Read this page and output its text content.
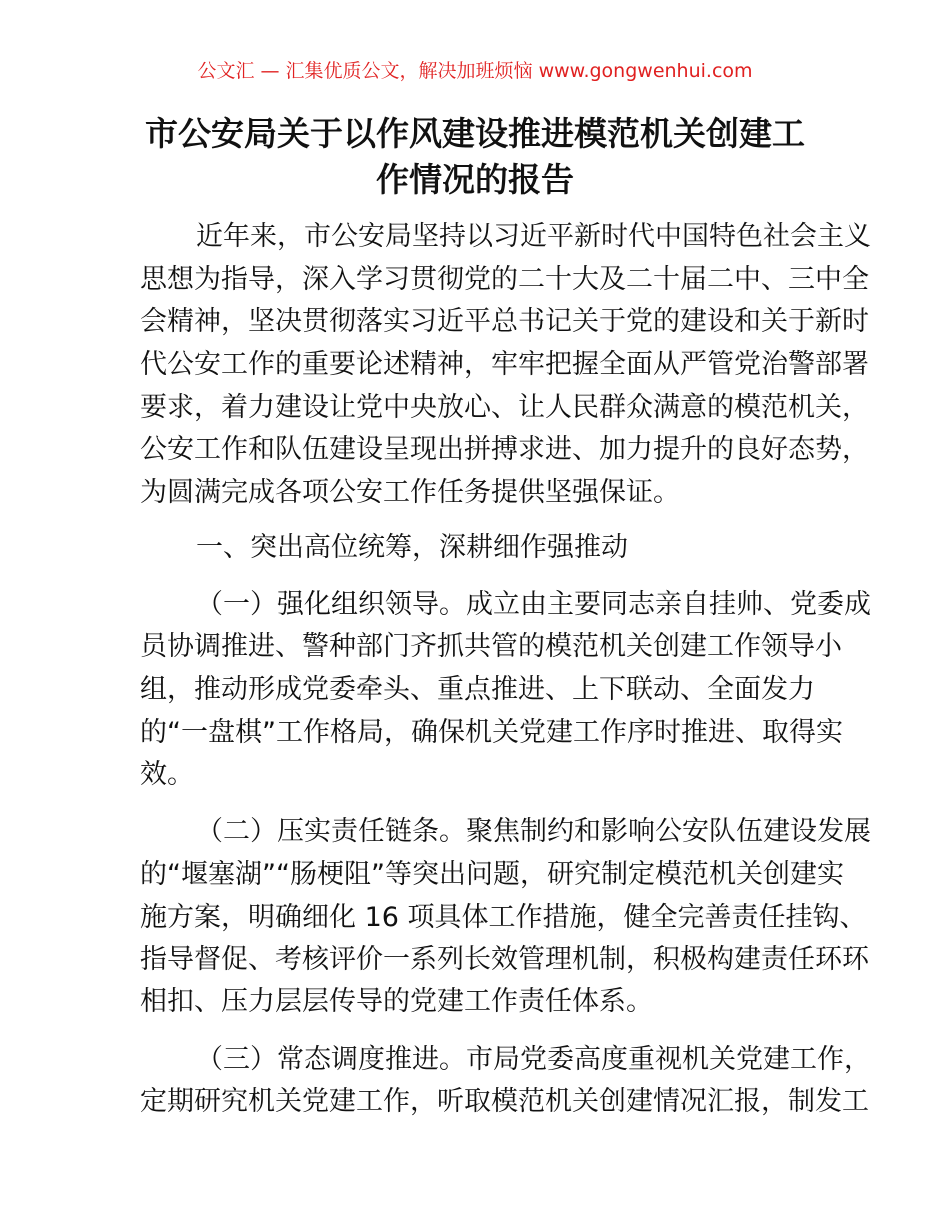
公文汇 — 汇集优质公文，解决加班烦恼 www.gongwenhui.com
市公安局关于以作风建设推进模范机关创建工
作情况的报告
近年来，市公安局坚持以习近平新时代中国特色社会主义
思想为指导，深入学习贯彻党的二十大及二十届二中、三中全
会精神，坚决贯彻落实习近平总书记关于党的建设和关于新时
代公安工作的重要论述精神，牢牢把握全面从严管党治警部署
要求，着力建设让党中央放心、让人民群众满意的模范机关，
公安工作和队伍建设呈现出拼搏求进、加力提升的良好态势，
为圆满完成各项公安工作任务提供坚强保证。
一、突出高位统筹，深耕细作强推动
（一）强化组织领导。成立由主要同志亲自挂帅、党委成
员协调推进、警种部门齐抓共管的模范机关创建工作领导小
组，推动形成党委牵头、重点推进、上下联动、全面发力
的“一盘棋”工作格局，确保机关党建工作序时推进、取得实
效。
（二）压实责任链条。聚焦制约和影响公安队伍建设发展
的“堰塞湖”“肠梗阻”等突出问题，研究制定模范机关创建实
施方案，明确细化 16 项具体工作措施，健全完善责任挂钩、
指导督促、考核评价一系列长效管理机制，积极构建责任环环
相扣、压力层层传导的党建工作责任体系。
（三）常态调度推进。市局党委高度重视机关党建工作，
定期研究机关党建工作，听取模范机关创建情况汇报，制发工
